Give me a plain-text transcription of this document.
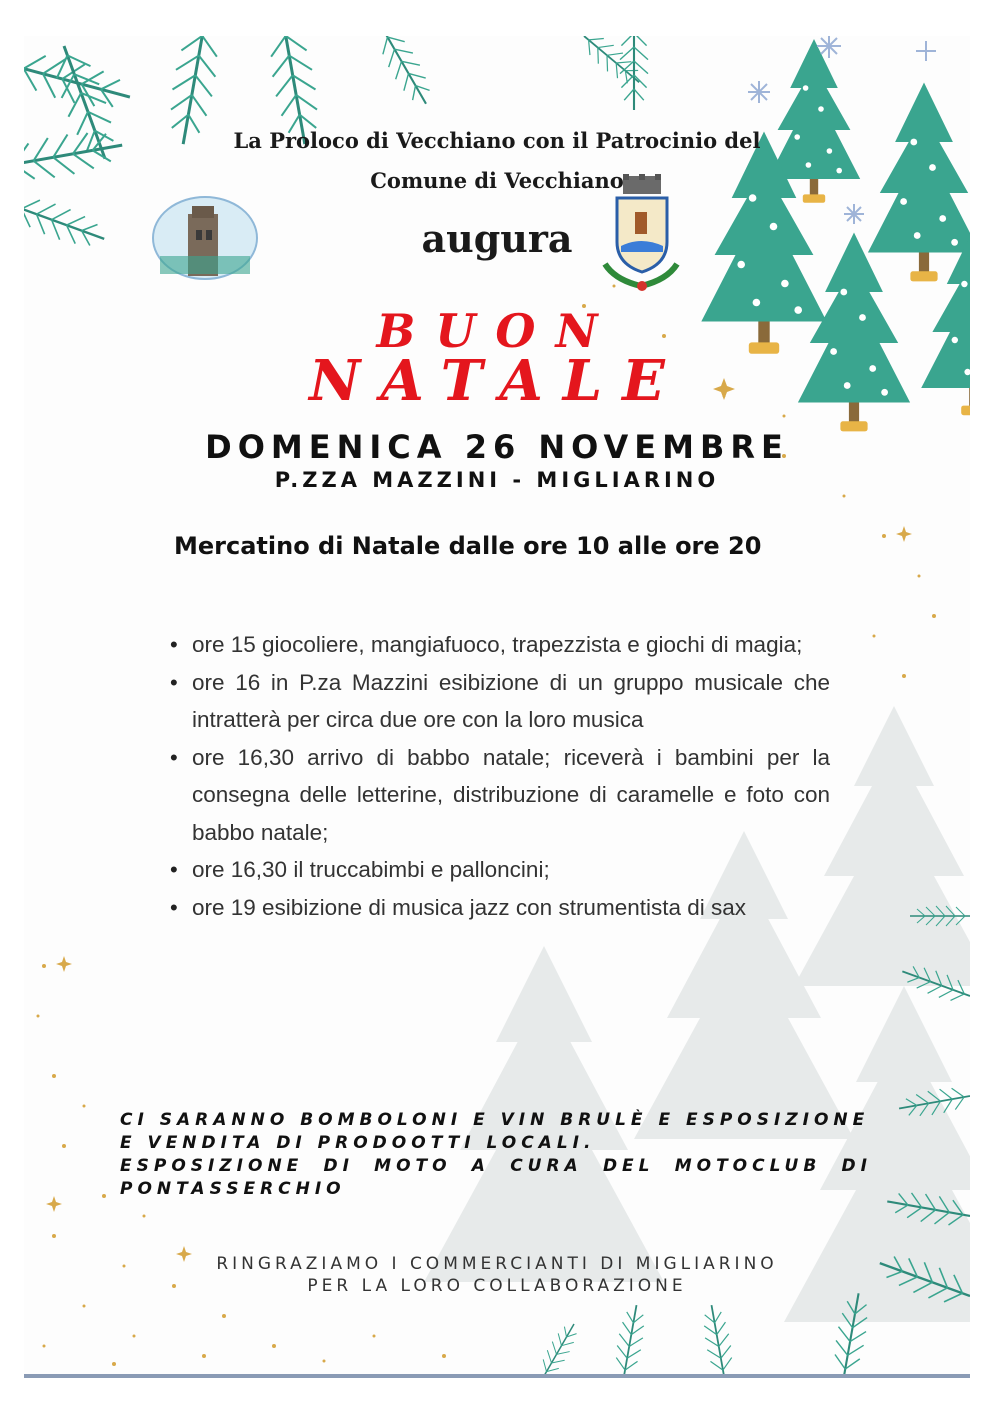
La Proloco di Vecchiano con il Patrocinio del
Comune di Vecchiano
augura
BUON
NATALE
DOMENICA 26 NOVEMBRE
P.ZZA MAZZINI - MIGLIARINO
Mercatino di Natale dalle ore 10 alle ore 20
• ore 15 giocoliere, mangiafuoco, trapezzista e giochi di magia;
• ore 16 in P.za Mazzini esibizione di un gruppo musicale che intratterà per circa due ore con la loro musica
• ore 16,30 arrivo di babbo natale; riceverà i bambini per la consegna delle letterine, distribuzione di caramelle e foto con babbo natale;
• ore 16,30 il truccabimbi e palloncini;
• ore 19 esibizione di musica jazz con strumentista di sax
CI SARANNO BOMBOLONI E VIN BRULÈ E ESPOSIZIONE
E VENDITA DI PRODOOTTI LOCALI.
ESPOSIZIONE DI MOTO A CURA DEL MOTOCLUB DI
PONTASSERCHIO
RINGRAZIAMO I COMMERCIANTI DI MIGLIARINO
PER LA LORO COLLABORAZIONE
